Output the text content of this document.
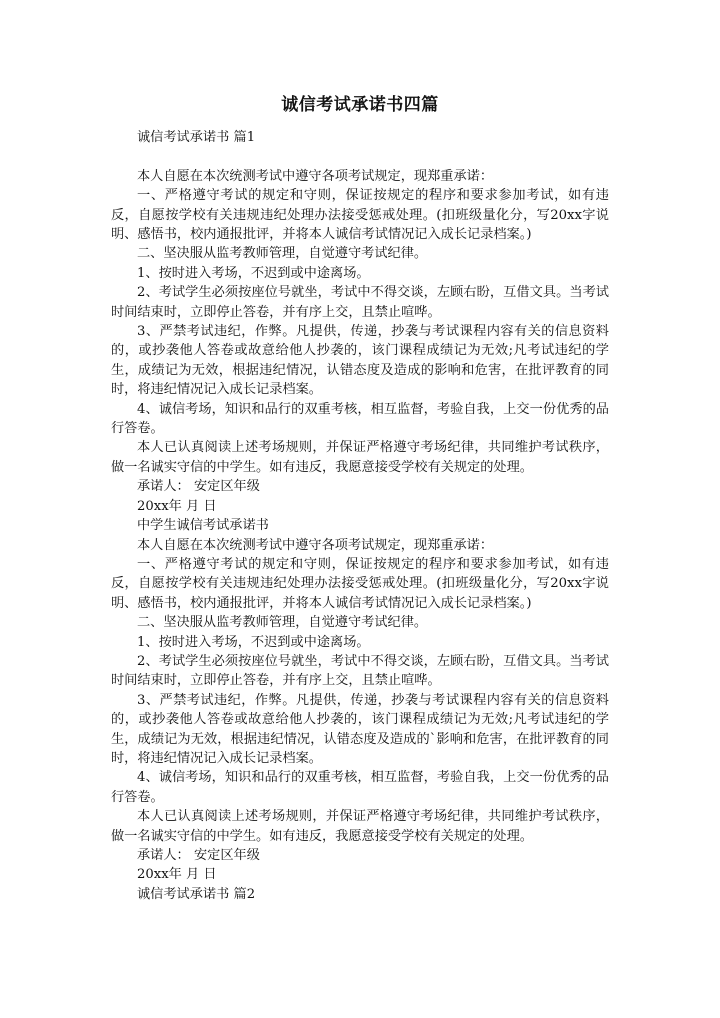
诚信考试承诺书四篇

诚信考试承诺书 篇1

本人自愿在本次统测考试中遵守各项考试规定，现郑重承诺：

一、严格遵守考试的规定和守则，保证按规定的程序和要求参加考试，如有违反，自愿按学校有关违规违纪处理办法接受惩戒处理。(扣班级量化分，写20xx字说明、感悟书，校内通报批评，并将本人诚信考试情况记入成长记录档案。)

二、坚决服从监考教师管理，自觉遵守考试纪律。

1、按时进入考场，不迟到或中途离场。

2、考试学生必须按座位号就坐，考试中不得交谈，左顾右盼，互借文具。当考试时间结束时，立即停止答卷，并有序上交，且禁止喧哗。

3、严禁考试违纪，作弊。凡提供，传递，抄袭与考试课程内容有关的信息资料的，或抄袭他人答卷或故意给他人抄袭的，该门课程成绩记为无效;凡考试违纪的学生，成绩记为无效，根据违纪情况，认错态度及造成的影响和危害，在批评教育的同时，将违纪情况记入成长记录档案。

4、诚信考场，知识和品行的双重考核，相互监督，考验自我，上交一份优秀的品行答卷。

本人已认真阅读上述考场规则，并保证严格遵守考场纪律，共同维护考试秩序，做一名诚实守信的中学生。如有违反，我愿意接受学校有关规定的处理。

承诺人： 安定区年级

20xx年 月 日

中学生诚信考试承诺书

本人自愿在本次统测考试中遵守各项考试规定，现郑重承诺：

一、严格遵守考试的规定和守则，保证按规定的程序和要求参加考试，如有违反，自愿按学校有关违规违纪处理办法接受惩戒处理。(扣班级量化分，写20xx字说明、感悟书，校内通报批评，并将本人诚信考试情况记入成长记录档案。)

二、坚决服从监考教师管理，自觉遵守考试纪律。

1、按时进入考场，不迟到或中途离场。

2、考试学生必须按座位号就坐，考试中不得交谈，左顾右盼，互借文具。当考试时间结束时，立即停止答卷，并有序上交，且禁止喧哗。

3、严禁考试违纪，作弊。凡提供，传递，抄袭与考试课程内容有关的信息资料的，或抄袭他人答卷或故意给他人抄袭的，该门课程成绩记为无效;凡考试违纪的学生，成绩记为无效，根据违纪情况，认错态度及造成的`影响和危害，在批评教育的同时，将违纪情况记入成长记录档案。

4、诚信考场，知识和品行的双重考核，相互监督，考验自我，上交一份优秀的品行答卷。

本人已认真阅读上述考场规则，并保证严格遵守考场纪律，共同维护考试秩序，做一名诚实守信的中学生。如有违反，我愿意接受学校有关规定的处理。

承诺人： 安定区年级

20xx年 月 日

诚信考试承诺书 篇2
